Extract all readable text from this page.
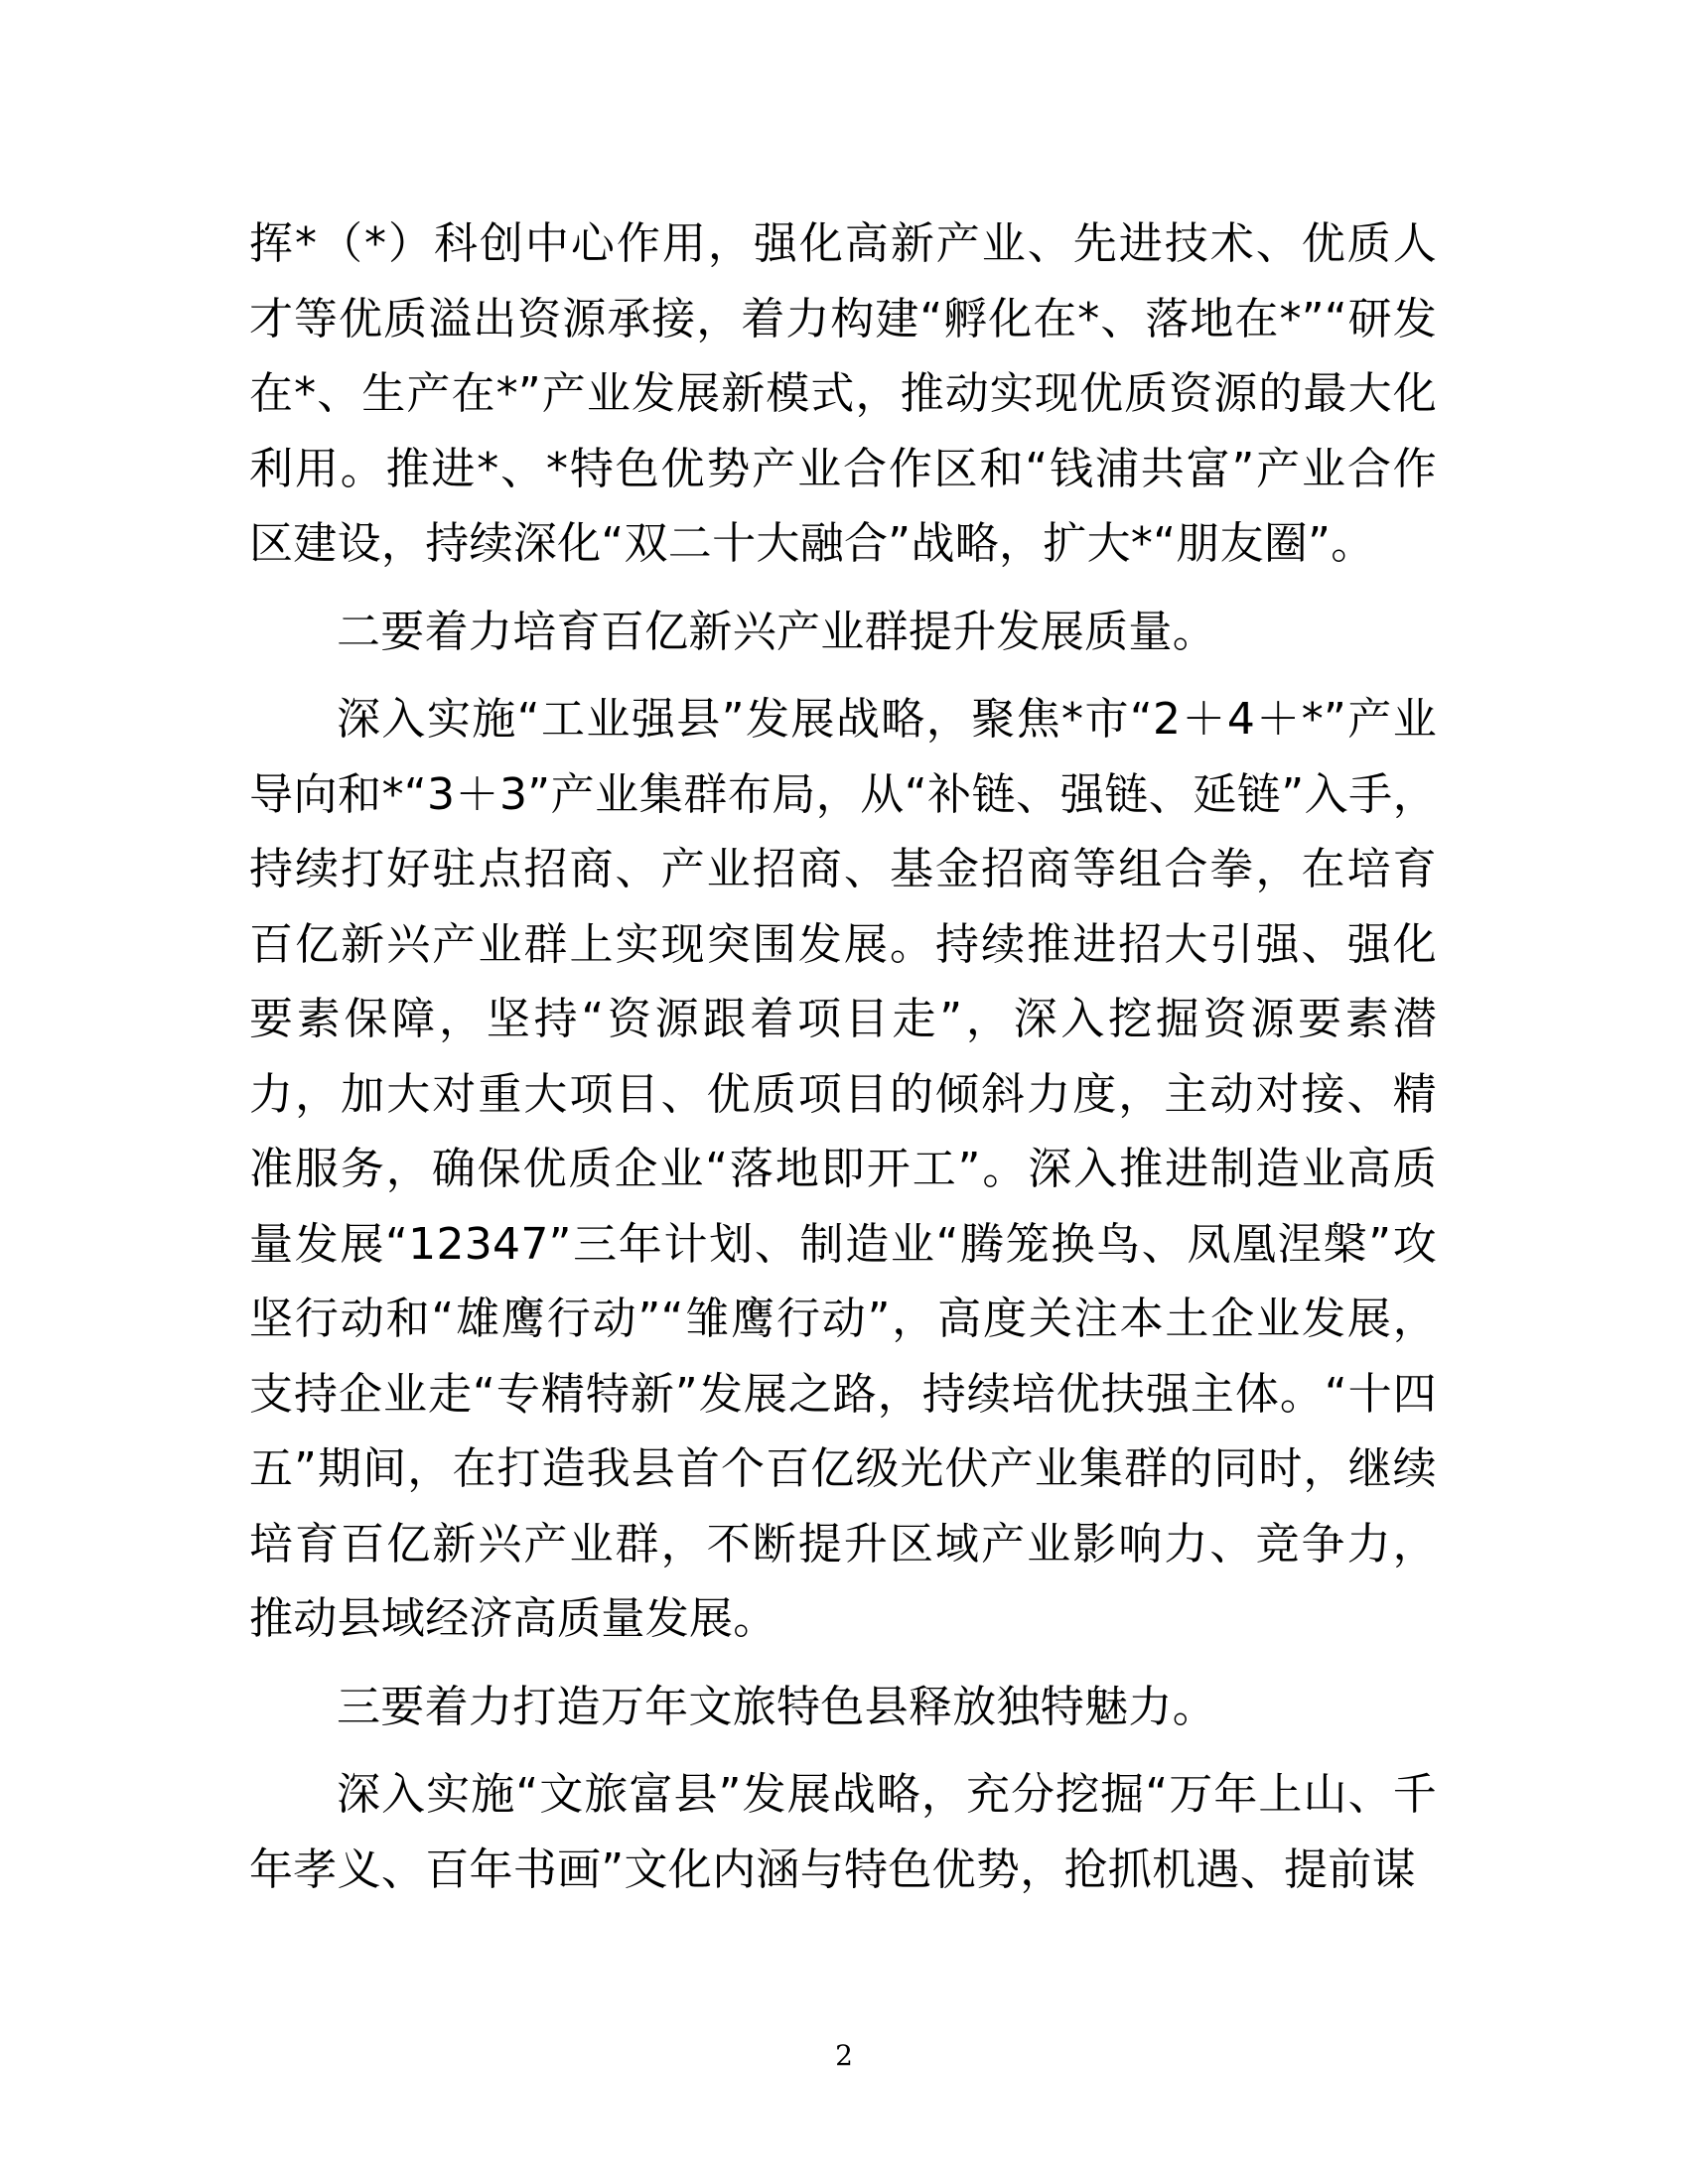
挥*（*）科创中心作用，强化高新产业、先进技术、优质人才等优质溢出资源承接，着力构建“孵化在*、落地在*”“研发在*、生产在*”产业发展新模式，推动实现优质资源的最大化利用。推进*、*特色优势产业合作区和“钱浦共富”产业合作区建设，持续深化“双二十大融合”战略，扩大*“朋友圈”。

二要着力培育百亿新兴产业群提升发展质量。

深入实施“工业强县”发展战略，聚焦*市“2＋4＋*”产业导向和*“3＋3”产业集群布局，从“补链、强链、延链”入手，持续打好驻点招商、产业招商、基金招商等组合拳，在培育百亿新兴产业群上实现突围发展。持续推进招大引强、强化要素保障，坚持“资源跟着项目走”，深入挖掘资源要素潜力，加大对重大项目、优质项目的倾斜力度，主动对接、精准服务，确保优质企业“落地即开工”。深入推进制造业高质量发展“12347”三年计划、制造业“腾笼换鸟、凤凰涅槃”攻坚行动和“雄鹰行动”“雏鹰行动”，高度关注本土企业发展，支持企业走“专精特新”发展之路，持续培优扶强主体。“十四五”期间，在打造我县首个百亿级光伏产业集群的同时，继续培育百亿新兴产业群，不断提升区域产业影响力、竞争力，推动县域经济高质量发展。

三要着力打造万年文旅特色县释放独特魅力。

深入实施“文旅富县”发展战略，充分挖掘“万年上山、千年孝义、百年书画”文化内涵与特色优势，抢抓机遇、提前谋

2
